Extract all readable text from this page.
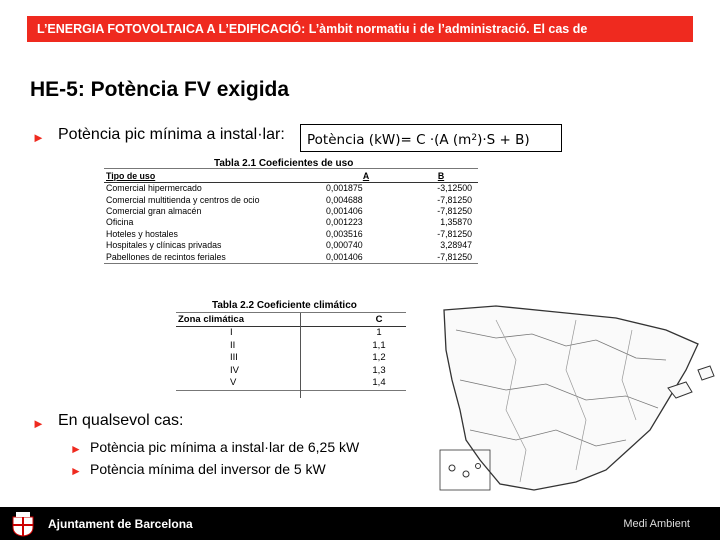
L’ENERGIA FOTOVOLTAICA A L’EDIFICACIÓ: L’àmbit normatiu i de l’administració. El cas de
HE-5: Potència FV exigida
► Potència pic mínima a instal·lar:	Potència (kW)= C ·(A $(m^2)\cdot S + B$)
Tabla 2.1 Coeficientes de uso
Tipo de uso	A	B
Comercial hipermercado	0,001875	-3,12500
Comercial multitienda y centros de ocio	0,004688	-7,81250
Comercial gran almacén	0,001406	-7,81250
Oficina	0,001223	1,35870
Hoteles y hostales	0,003516	-7,81250
Hospitales y clínicas privadas	0,000740	3,28947
Pabellones de recintos feriales	0,001406	-7,81250
Tabla 2.2 Coeficiente climático
Zona climática	C
I	1
II	1,1
III	1,2
IV	1,3
V	1,4
► En qualsevol cas:
► Potència pic mínima a instal·lar de 6,25 kW
► Potència mínima del inversor de 5 kW
Ajuntament de Barcelona	Medi Ambient
